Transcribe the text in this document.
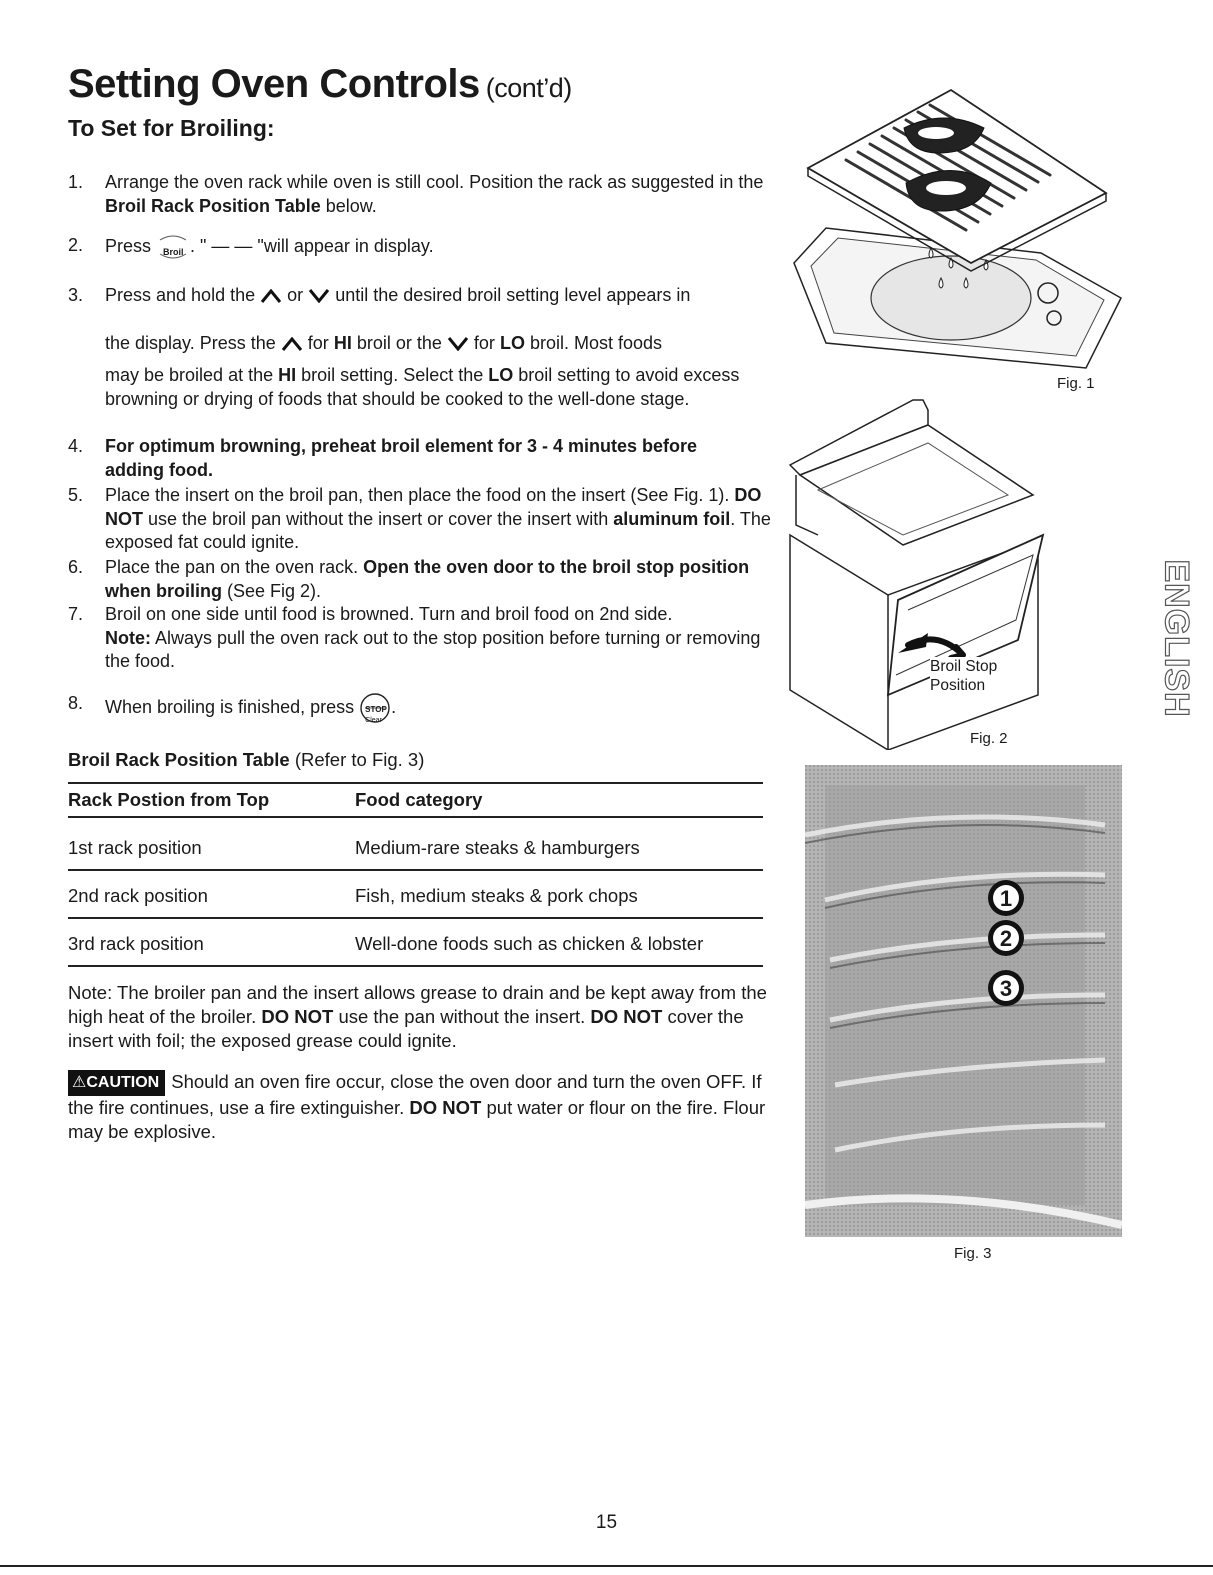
Setting Oven Controls (cont’d)
To Set for Broiling:
1. Arrange the oven rack while oven is still cool. Position the rack as suggested in the Broil Rack Position Table below.
2. Press Broil . " — — "will appear in display.
3. Press and hold the or until the desired broil setting level appears in
the display. Press the for HI broil or the for LO broil. Most foods
may be broiled at the HI broil setting. Select the LO broil setting to avoid excess browning or drying of foods that should be cooked to the well-done stage.
4. For optimum browning, preheat broil element for 3 - 4 minutes before adding food.
5. Place the insert on the broil pan, then place the food on the insert (See Fig. 1). DO NOT use the broil pan without the insert or cover the insert with aluminum foil. The exposed fat could ignite.
6. Place the pan on the oven rack. Open the oven door to the broil stop position when broiling (See Fig 2).
7. Broil on one side until food is browned. Turn and broil food on 2nd side.
Note: Always pull the oven rack out to the stop position before turning or removing the food.
8. When broiling is finished, press STOP
Clear
.
Broil Rack Position Table (Refer to Fig. 3)
Rack Postion from Top	Food category
1st rack position	Medium-rare steaks & hamburgers
2nd rack position	Fish, medium steaks & pork chops
3rd rack position	Well-done foods such as chicken & lobster
Note: The broiler pan and the insert allows grease to drain and be kept away from the high heat of the broiler. DO NOT use the pan without the insert. DO NOT cover the insert with foil; the exposed grease could ignite.
⚠CAUTION Should an oven fire occur, close the oven door and turn the oven OFF. If the fire continues, use a fire extinguisher. DO NOT put water or flour on the fire. Flour may be explosive.
Fig. 1
Broil Stop
Position
Fig. 2
1
2
3
Fig. 3
ENGLISH
15
